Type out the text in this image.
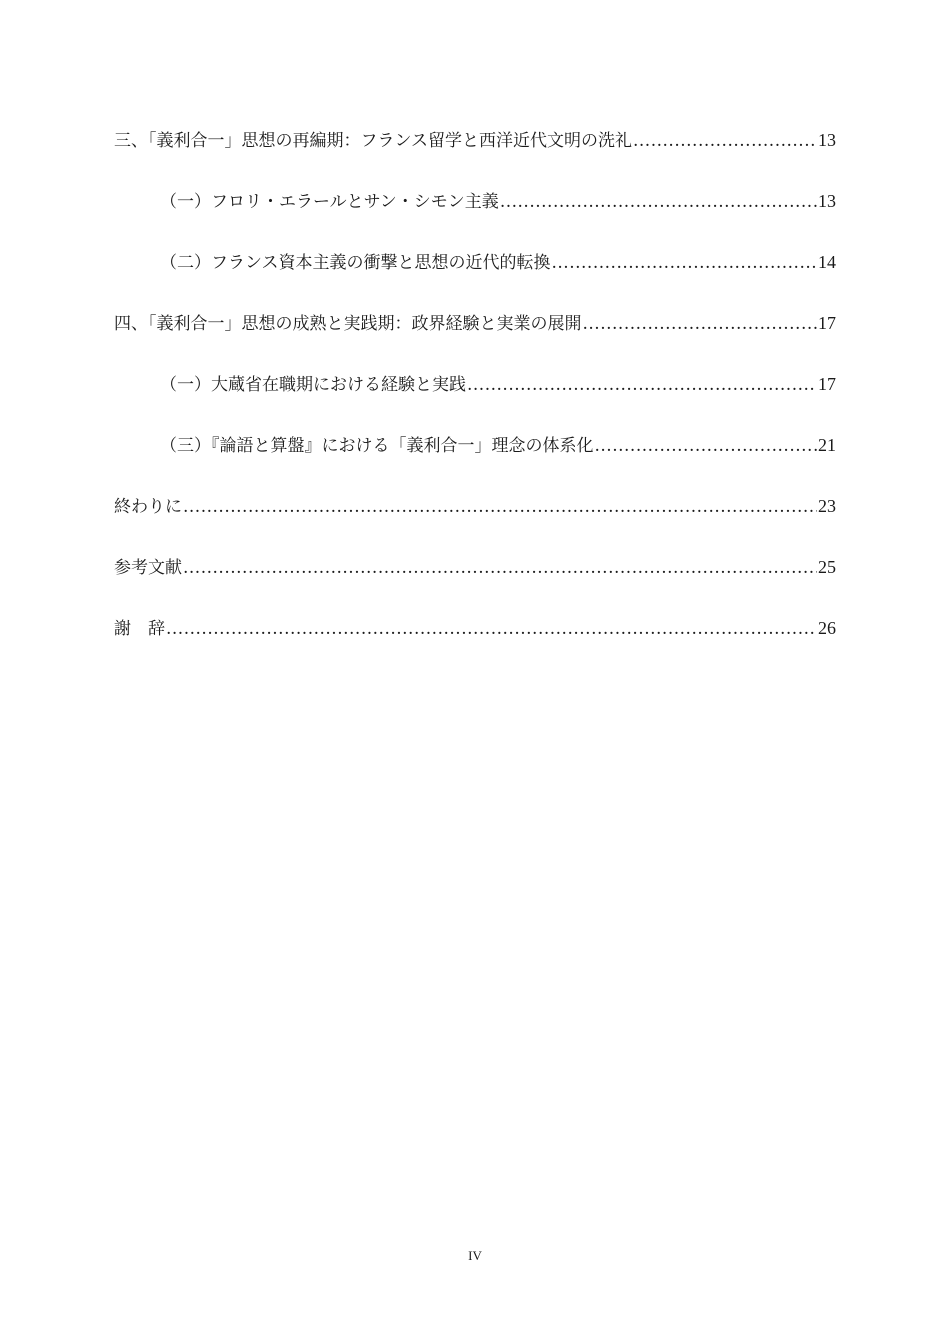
三、「義利合一」思想の再編期：フランス留学と西洋近代文明の洗礼 .....	13
（一）フロリ・エラールとサン・シモン主義 .....	13
（二）フランス資本主義の衝撃と思想の近代的転換 .....	14
四、「義利合一」思想の成熟と実践期：政界経験と実業の展開 .....	17
（一）大蔵省在職期における経験と実践 .....	17
（三）『論語と算盤』における「義利合一」理念の体系化 .....	21
終わりに .....	23
参考文献 .....	25
謝　辞 .....	26
IV
